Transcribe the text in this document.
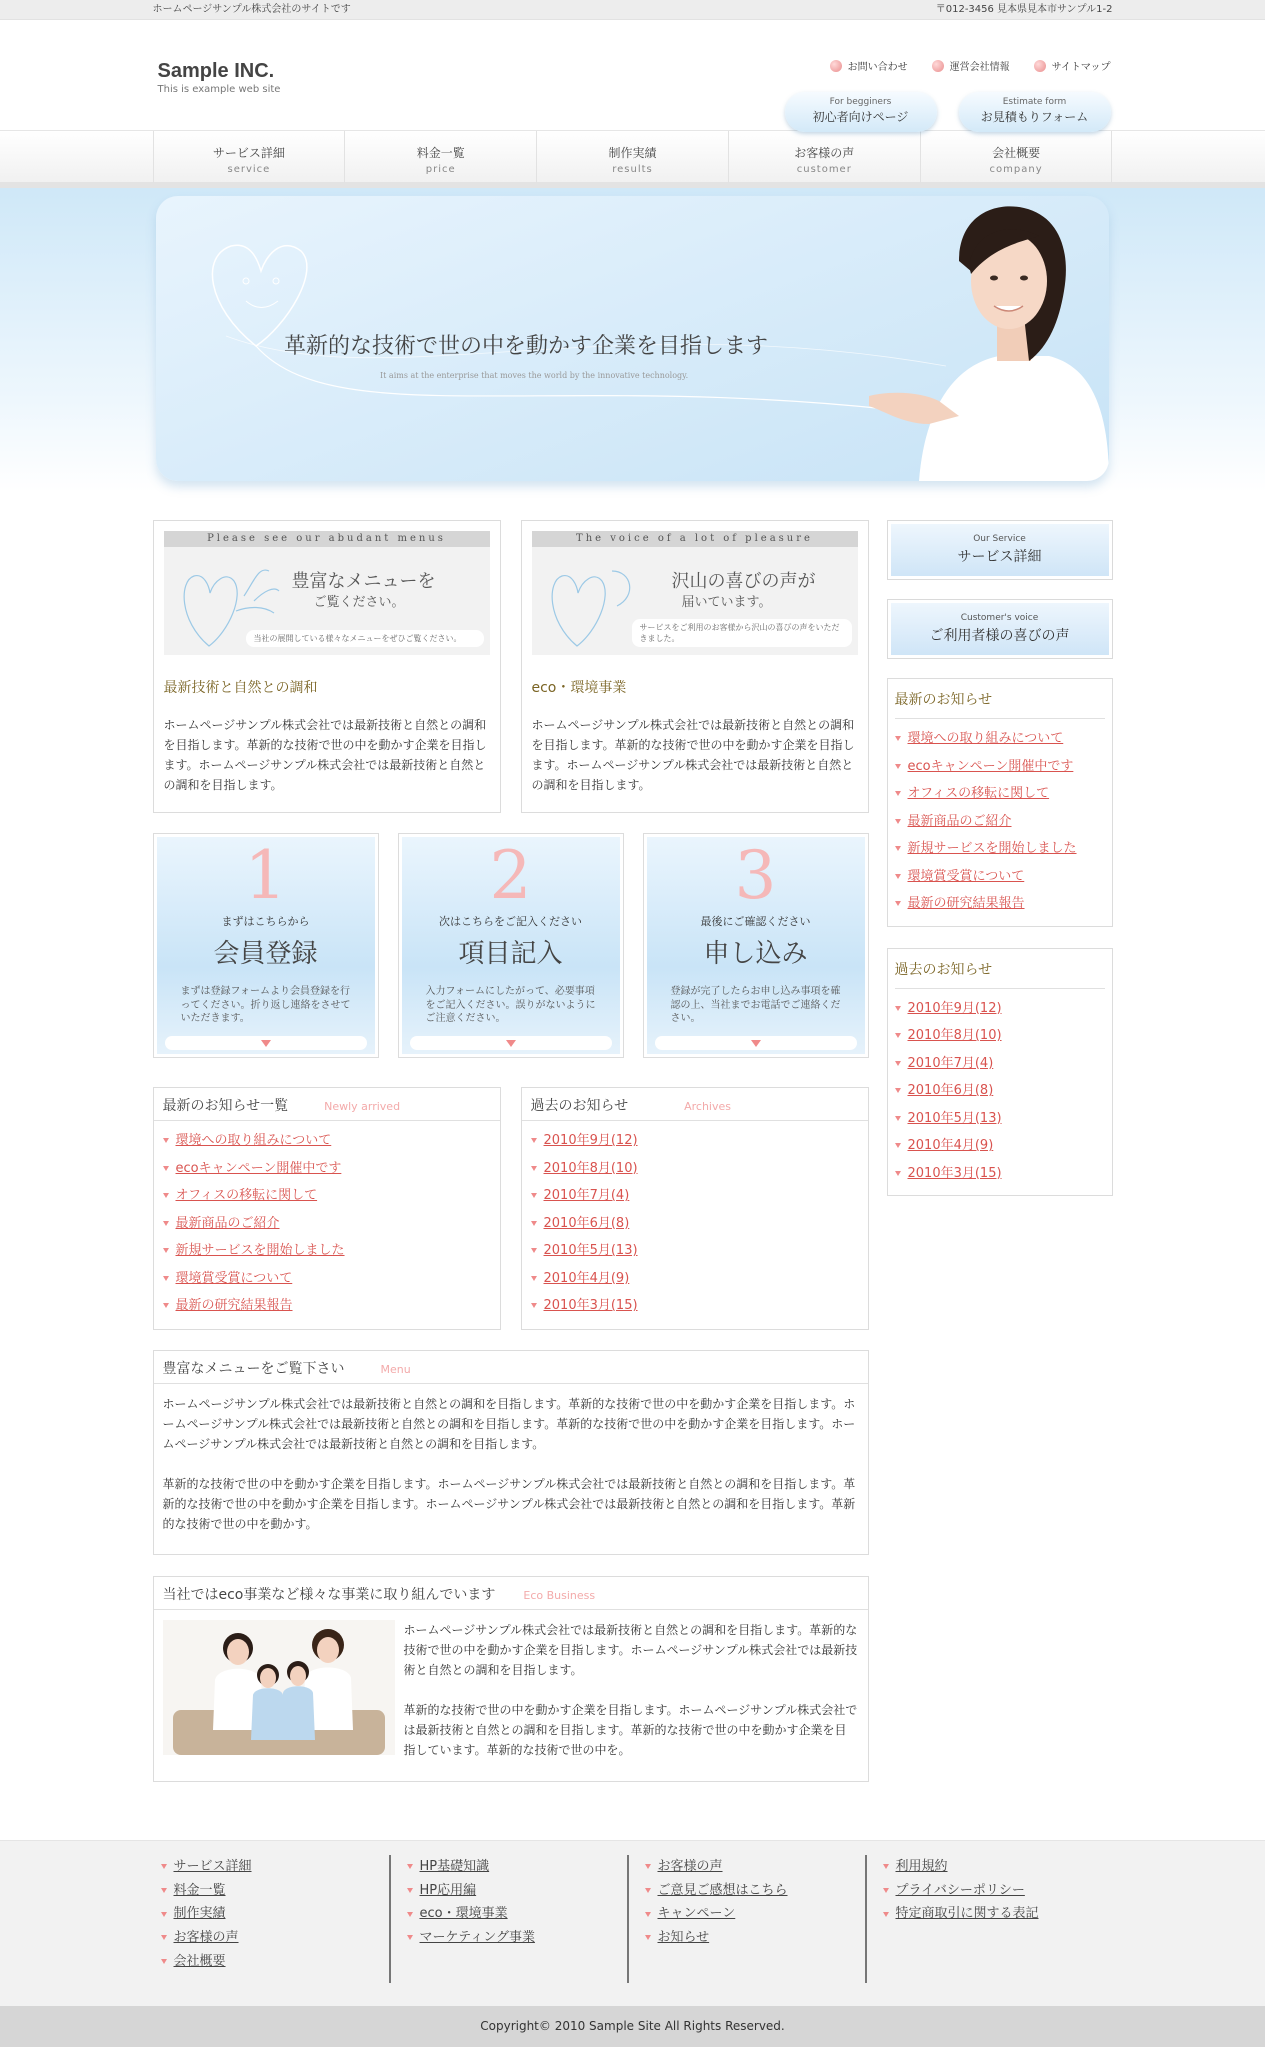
ホームページサンプル株式会社のサイトです	〒012-3456 見本県見本市サンプル1-2
Sample INC.
This is example web site
お問い合わせ	運営会社情報	サイトマップ
For begginers
初心者向けページ
Estimate form
お見積もりフォーム
サービス詳細
service
料金一覧
price
制作実績
results
お客様の声
customer
会社概要
company
革新的な技術で世の中を動かす企業を目指します
It aims at the enterprise that moves the world by the innovative technology.
Please see our abudant menus
豊富なメニューを
ご覧ください。
当社の展開している様々なメニューをぜひご覧ください。
最新技術と自然との調和

ホームページサンプル株式会社では最新技術と自然との調和を目指します。革新的な技術で世の中を動かす企業を目指します。ホームページサンプル株式会社では最新技術と自然との調和を目指します。

The voice of a lot of pleasure
沢山の喜びの声が
届いています。
サービスをご利用のお客様から沢山の喜びの声をいただきました。
eco・環境事業

ホームページサンプル株式会社では最新技術と自然との調和を目指します。革新的な技術で世の中を動かす企業を目指します。ホームページサンプル株式会社では最新技術と自然との調和を目指します。

1
まずはこちらから
会員登録
まずは登録フォームより会員登録を行ってください。折り返し連絡をさせていただきます。
2
次はこちらをご記入ください
項目記入
入力フォームにしたがって、必要事項をご記入ください。誤りがないようにご注意ください。
3
最後にご確認ください
申し込み
登録が完了したらお申し込み事項を確認の上、当社までお電話でご連絡ください。
最新のお知らせ一覧	Newly arrived
環境への取り組みについて
ecoキャンペーン開催中です
オフィスの移転に関して
最新商品のご紹介
新規サービスを開始しました
環境賞受賞について
最新の研究結果報告
過去のお知らせ	Archives
2010年9月(12)
2010年8月(10)
2010年7月(4)
2010年6月(8)
2010年5月(13)
2010年4月(9)
2010年3月(15)
豊富なメニューをご覧下さい	Menu

ホームページサンプル株式会社では最新技術と自然との調和を目指します。革新的な技術で世の中を動かす企業を目指します。ホームページサンプル株式会社では最新技術と自然との調和を目指します。革新的な技術で世の中を動かす企業を目指します。ホームページサンプル株式会社では最新技術と自然との調和を目指します。

革新的な技術で世の中を動かす企業を目指します。ホームページサンプル株式会社では最新技術と自然との調和を目指します。革新的な技術で世の中を動かす企業を目指します。ホームページサンプル株式会社では最新技術と自然との調和を目指します。革新的な技術で世の中を動かす。

当社ではeco事業など様々な事業に取り組んでいます	Eco Business

ホームページサンプル株式会社では最新技術と自然との調和を目指します。革新的な技術で世の中を動かす企業を目指します。ホームページサンプル株式会社では最新技術と自然との調和を目指します。

革新的な技術で世の中を動かす企業を目指します。ホームページサンプル株式会社では最新技術と自然との調和を目指します。革新的な技術で世の中を動かす企業を目指しています。革新的な技術で世の中を。

Our Service
サービス詳細
Customer's voice
ご利用者様の喜びの声
最新のお知らせ
環境への取り組みについて
ecoキャンペーン開催中です
オフィスの移転に関して
最新商品のご紹介
新規サービスを開始しました
環境賞受賞について
最新の研究結果報告
過去のお知らせ
2010年9月(12)
2010年8月(10)
2010年7月(4)
2010年6月(8)
2010年5月(13)
2010年4月(9)
2010年3月(15)
サービス詳細
料金一覧
制作実績
お客様の声
会社概要
HP基礎知識
HP応用編
eco・環境事業
マーケティング事業
お客様の声
ご意見ご感想はこちら
キャンペーン
お知らせ
利用規約
プライバシーポリシー
特定商取引に関する表記
Copyright© 2010 Sample Site All Rights Reserved.
